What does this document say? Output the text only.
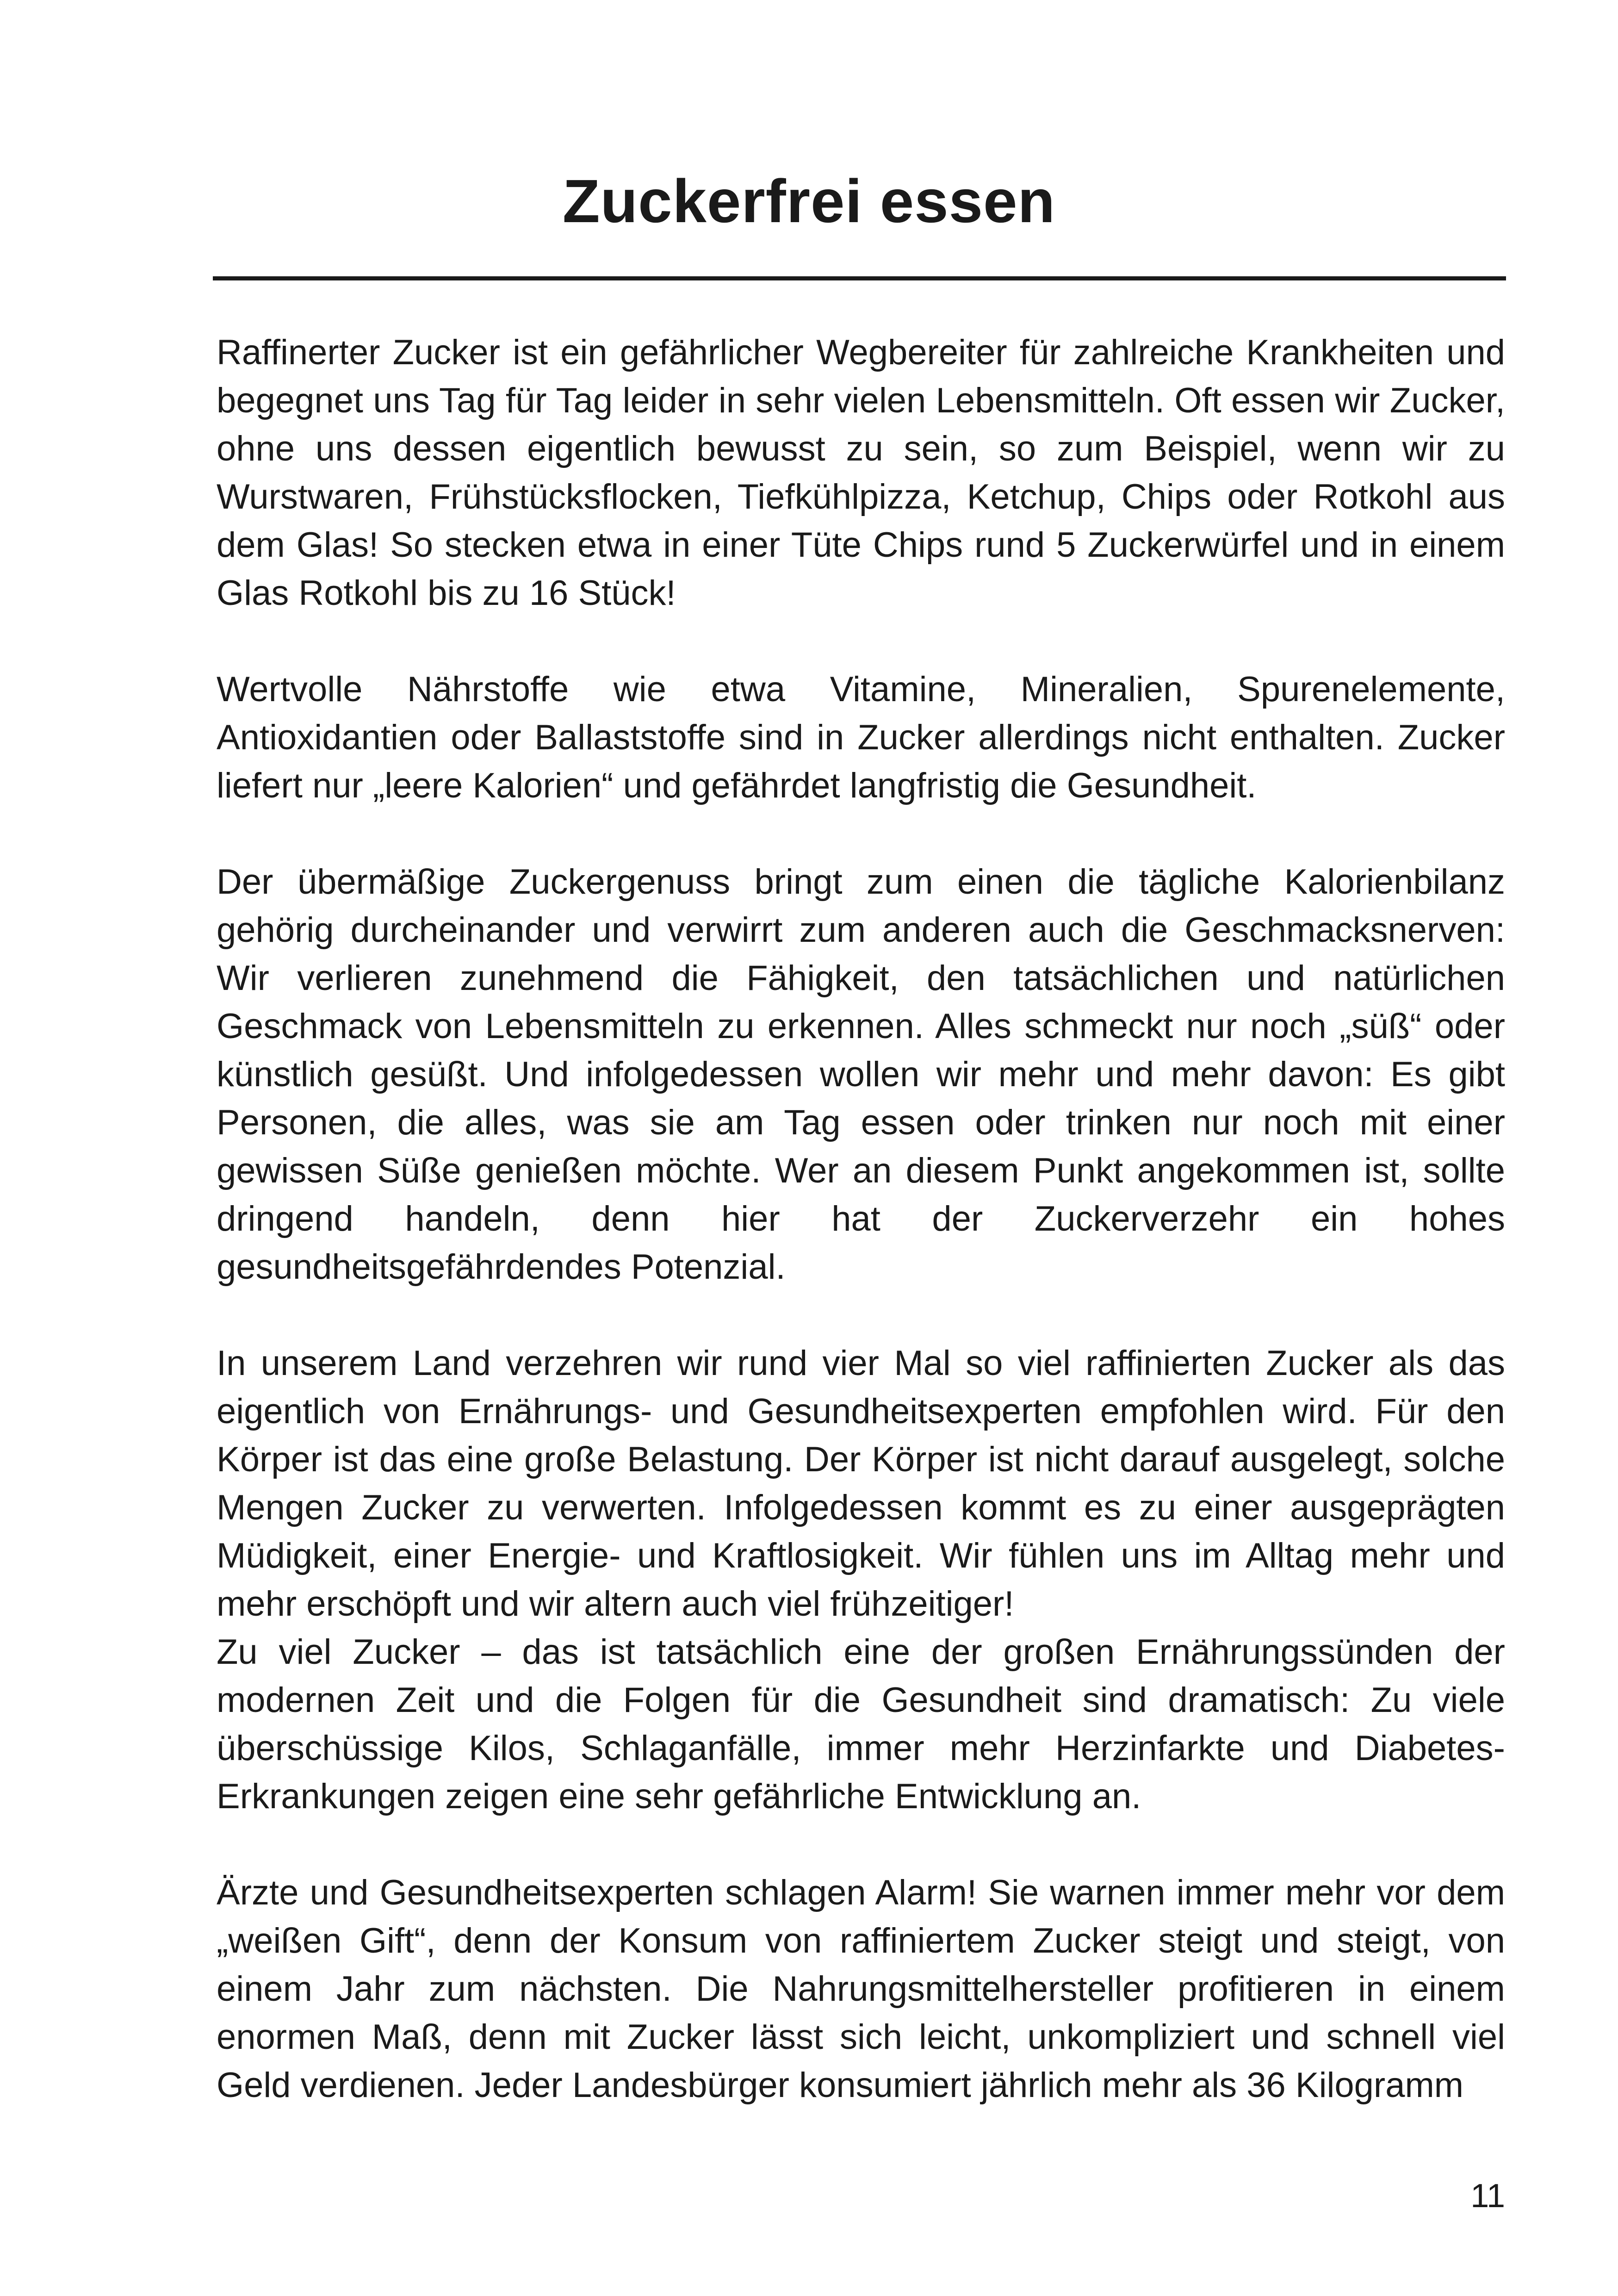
Zuckerfrei essen

Raffinerter Zucker ist ein gefährlicher Wegbereiter für zahlreiche Krankheiten und begegnet uns Tag für Tag leider in sehr vielen Lebensmitteln. Oft essen wir Zucker, ohne uns dessen eigentlich bewusst zu sein, so zum Beispiel, wenn wir zu Wurstwaren, Frühstücksflocken, Tiefkühlpizza, Ketchup, Chips oder Rotkohl aus dem Glas! So stecken etwa in einer Tüte Chips rund 5 Zuckerwürfel und in einem Glas Rotkohl bis zu 16 Stück!

Wertvolle Nährstoffe wie etwa Vitamine, Mineralien, Spurenelemente, Antioxidantien oder Ballaststoffe sind in Zucker allerdings nicht enthalten. Zucker liefert nur „leere Kalorien“ und gefährdet langfristig die Gesundheit.

Der übermäßige Zuckergenuss bringt zum einen die tägliche Kalorienbilanz gehörig durcheinander und verwirrt zum anderen auch die Geschmacksnerven: Wir verlieren zunehmend die Fähigkeit, den tatsächlichen und natürlichen Geschmack von Lebensmitteln zu erkennen. Alles schmeckt nur noch „süß“ oder künstlich gesüßt. Und infolgedessen wollen wir mehr und mehr davon: Es gibt Personen, die alles, was sie am Tag essen oder trinken nur noch mit einer gewissen Süße genießen möchte. Wer an diesem Punkt angekommen ist, sollte dringend handeln, denn hier hat der Zuckerverzehr ein hohes gesundheitsgefährdendes Potenzial.

In unserem Land verzehren wir rund vier Mal so viel raffinierten Zucker als das eigentlich von Ernährungs- und Gesundheitsexperten empfohlen wird. Für den Körper ist das eine große Belastung. Der Körper ist nicht darauf ausgelegt, solche Mengen Zucker zu verwerten. Infolgedessen kommt es zu einer ausgeprägten Müdigkeit, einer Energie- und Kraftlosigkeit. Wir fühlen uns im Alltag mehr und mehr erschöpft und wir altern auch viel frühzeitiger!

Zu viel Zucker – das ist tatsächlich eine der großen Ernährungssünden der modernen Zeit und die Folgen für die Gesundheit sind dramatisch: Zu viele überschüssige Kilos, Schlaganfälle, immer mehr Herzinfarkte und Diabetes-Erkrankungen zeigen eine sehr gefährliche Entwicklung an.

Ärzte und Gesundheitsexperten schlagen Alarm! Sie warnen immer mehr vor dem „weißen Gift“, denn der Konsum von raffiniertem Zucker steigt und steigt, von einem Jahr zum nächsten. Die Nahrungsmittelhersteller profitieren in einem enormen Maß, denn mit Zucker lässt sich leicht, unkompliziert und schnell viel Geld verdienen. Jeder Landesbürger konsumiert jährlich mehr als 36 Kilogramm

11
